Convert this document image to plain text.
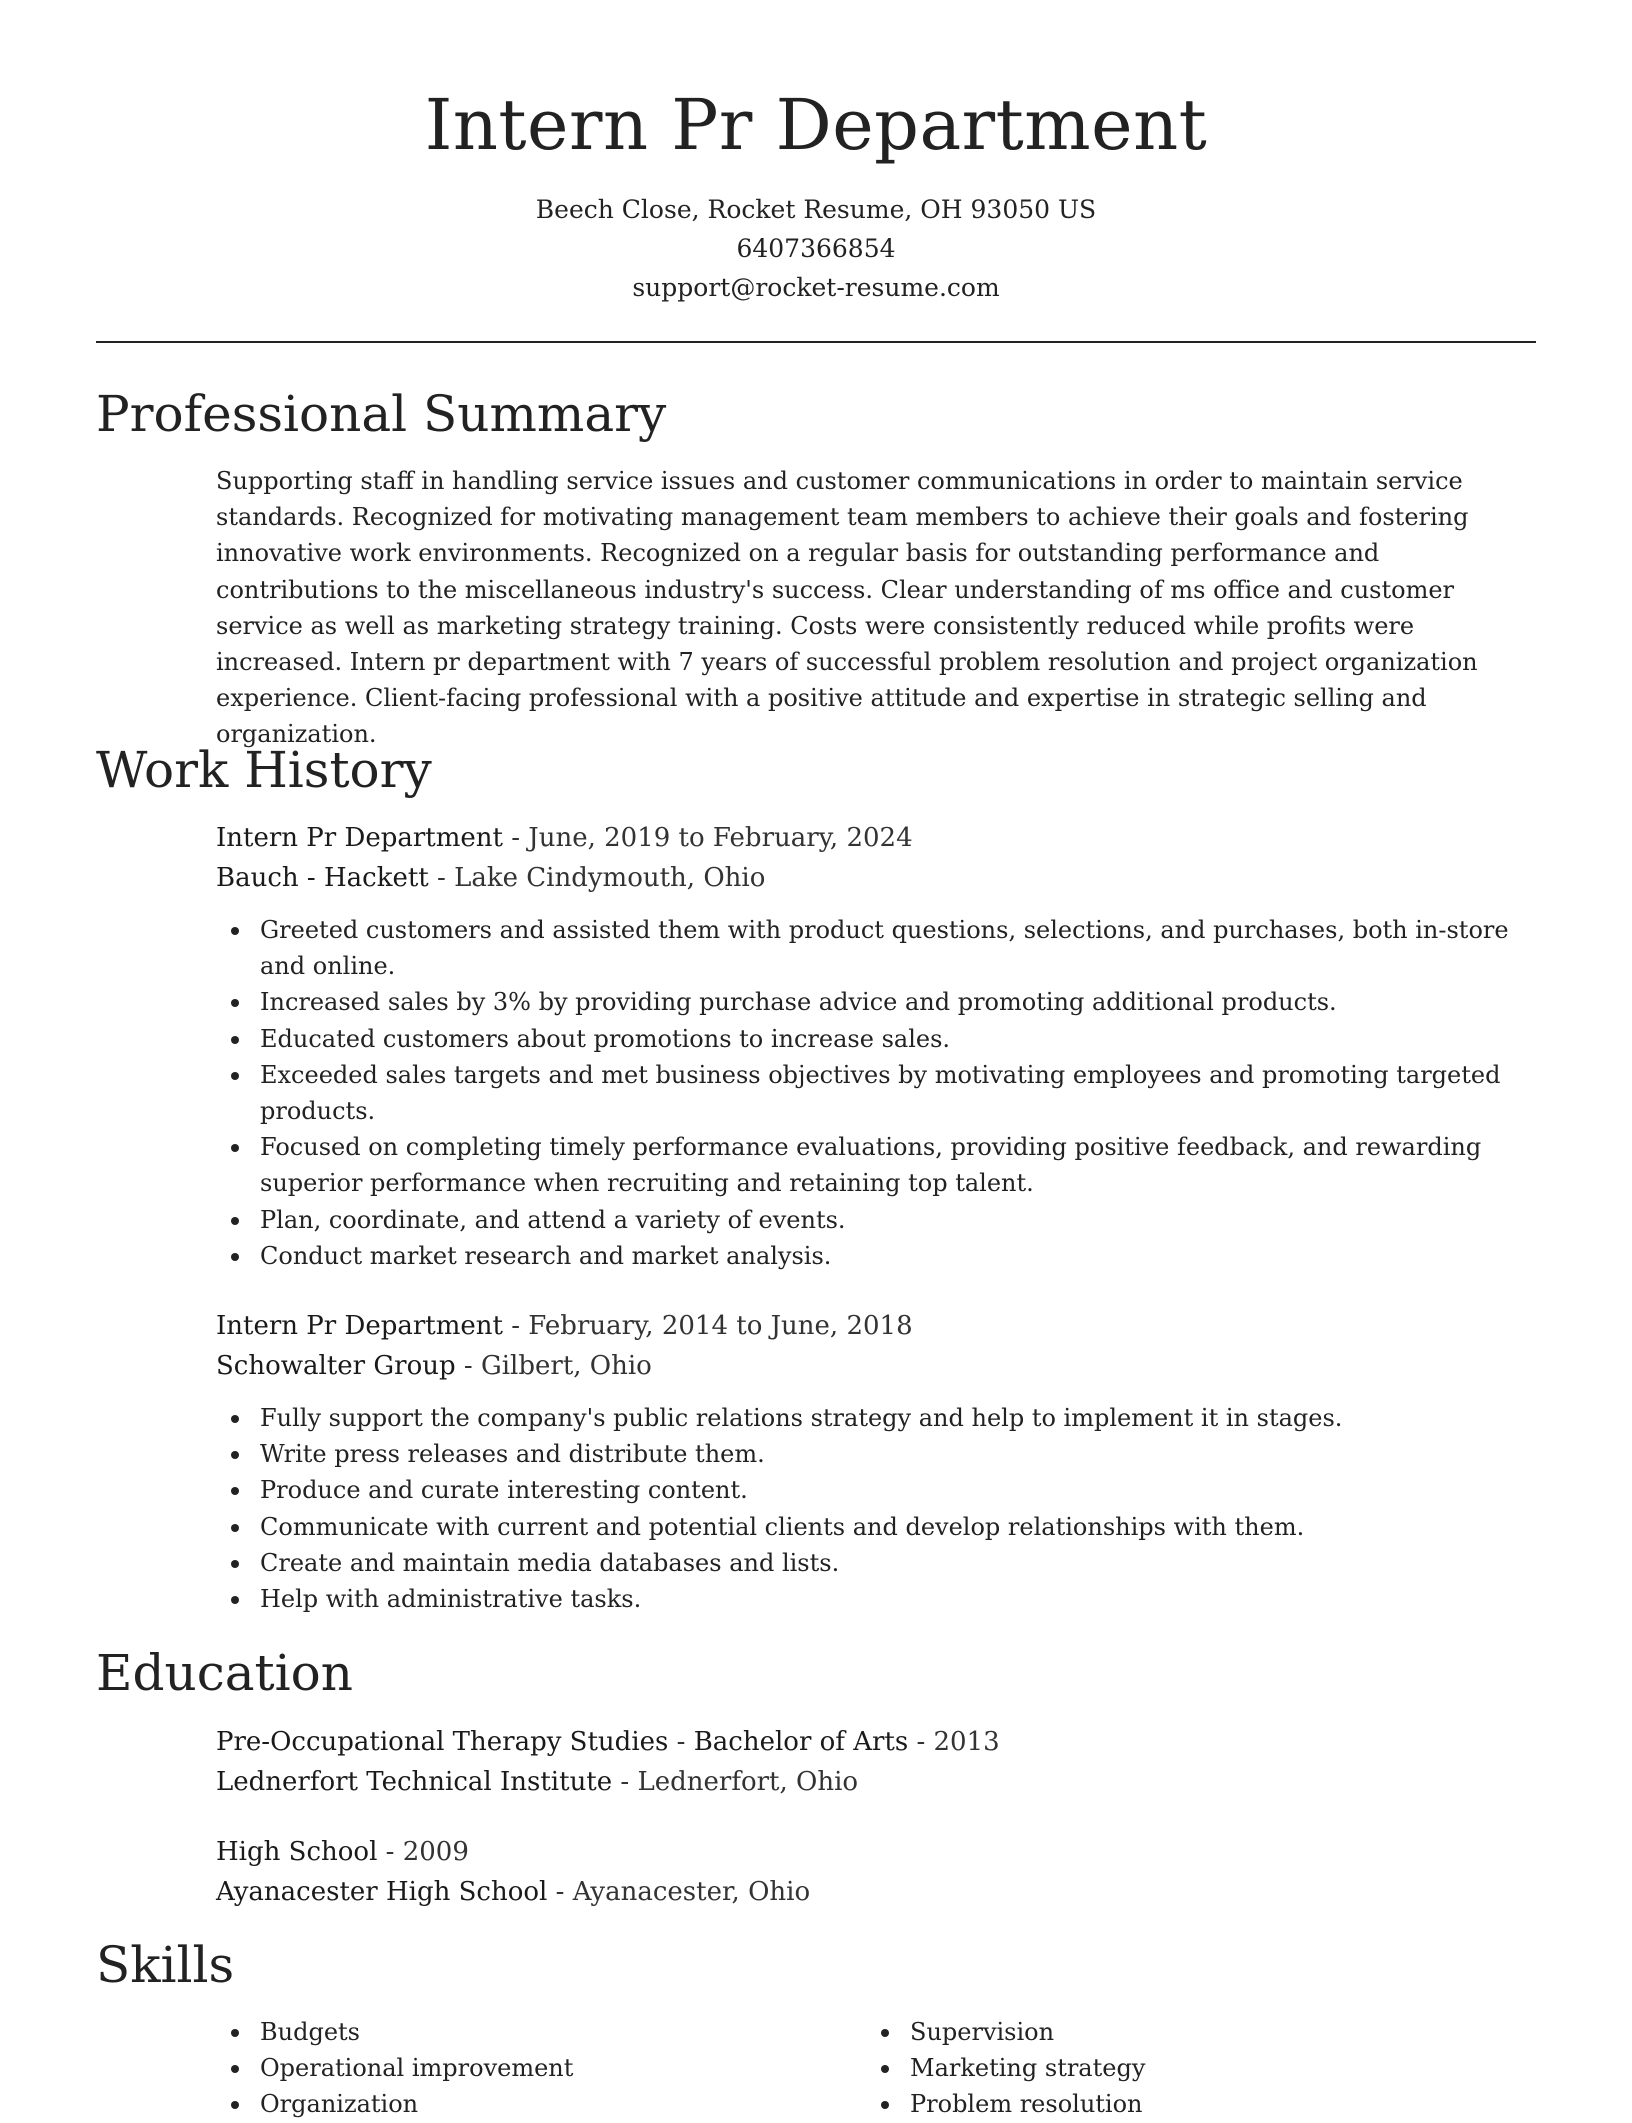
Intern Pr Department
Beech Close, Rocket Resume, OH 93050 US
6407366854
support@rocket-resume.com
Professional Summary

Supporting staff in handling service issues and customer communications in order to maintain service standards. Recognized for motivating management team members to achieve their goals and fostering innovative work environments. Recognized on a regular basis for outstanding performance and contributions to the miscellaneous industry's success. Clear understanding of ms office and customer service as well as marketing strategy training. Costs were consistently reduced while profits were increased. Intern pr department with 7 years of successful problem resolution and project organization experience. Client-facing professional with a positive attitude and expertise in strategic selling and organization.

Work History
Intern Pr Department - June, 2019 to February, 2024
Bauch - Hackett - Lake Cindymouth, Ohio
Greeted customers and assisted them with product questions, selections, and purchases, both in-store and online.
Increased sales by 3% by providing purchase advice and promoting additional products.
Educated customers about promotions to increase sales.
Exceeded sales targets and met business objectives by motivating employees and promoting targeted products.
Focused on completing timely performance evaluations, providing positive feedback, and rewarding superior performance when recruiting and retaining top talent.
Plan, coordinate, and attend a variety of events.
Conduct market research and market analysis.
Intern Pr Department - February, 2014 to June, 2018
Schowalter Group - Gilbert, Ohio
Fully support the company's public relations strategy and help to implement it in stages.
Write press releases and distribute them.
Produce and curate interesting content.
Communicate with current and potential clients and develop relationships with them.
Create and maintain media databases and lists.
Help with administrative tasks.
Education
Pre-Occupational Therapy Studies - Bachelor of Arts - 2013
Lednerfort Technical Institute - Lednerfort, Ohio
High School - 2009
Ayanacester High School - Ayanacester, Ohio
Skills
Budgets
Operational improvement
Organization
Supervision
Marketing strategy
Problem resolution
